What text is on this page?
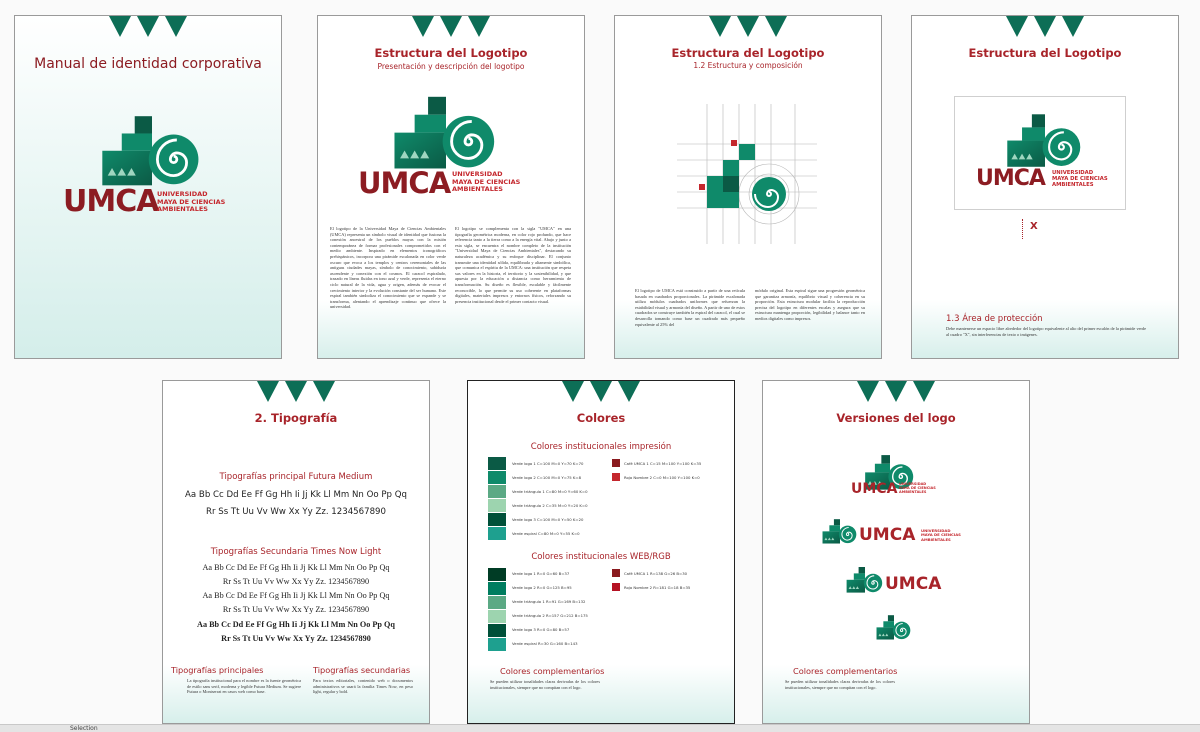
Manual de identidad corporativa
UMCA
UNIVERSIDAD
MAYA DE CIENCIAS
AMBIENTALES
Estructura del Logotipo
Presentación y descripción del logotipo
UMCA UNIVERSIDAD
MAYA DE CIENCIAS
AMBIENTALES
El logotipo de la Universidad Maya de Ciencias Ambientales (UMCA) representa un símbolo visual de identidad que fusiona la conexión ancestral de los pueblos mayas con la misión contemporánea de formar profesionales comprometidos con el medio ambiente. Inspirado en elementos iconográficos prehispánicos, incorpora una pirámide escalonada en color verde oscuro que evoca a los templos y centros ceremoniales de las antiguas ciudades mayas, símbolo de conocimiento, sabiduría ascendente y conexión con el cosmos. El caracol espiralado, trazado en líneas fluidas en tono azul y verde, representa el eterno ciclo natural de la vida, agua y origen, además de evocar el crecimiento interior y la evolución constante del ser humano. Este espiral también simboliza el conocimiento que se expande y se transforma, alentando el aprendizaje continuo que ofrece la universidad.
El logotipo se complementa con la sigla "UMCA" en una tipografía geométrica moderna, en color rojo profundo, que hace referencia tanto a la tierra como a la energía vital. Abajo y junto a esta sigla, se encuentra el nombre completo de la institución "Universidad Maya de Ciencias Ambientales", destacando su naturaleza académica y su enfoque disciplinar. El conjunto transmite una identidad sólida, equilibrada y altamente simbólica, que comunica el espíritu de la UMCA: una institución que respeta sus valores en la historia, el territorio y la sostenibilidad, y que apuesta por la educación a distancia como herramienta de transformación. Su diseño es flexible, escalable y fácilmente reconocible, lo que permite su uso coherente en plataformas digitales, materiales impresos y entornos físicos, reforzando su presencia institucional desde el primer contacto visual.
Estructura del Logotipo
1.2 Estructura y composición
El logotipo de UMCA está construido a partir de una retícula basada en cuadrados proporcionales. La pirámide escalonada utiliza módulos cuadrados uniformes que refuerzan la estabilidad visual y armonía del diseño. A partir de uno de estos cuadrados se construye también la espiral del caracol, el cual se desarrolla tomando como base un cuadrado más pequeño equivalente al 25% del
módulo original. Esta espiral sigue una progresión geométrica que garantiza armonía, equilibrio visual y coherencia en su proporción. Esta estructura modular facilita la reproducción precisa del logotipo en diferentes escalas y asegura que su estructura mantenga proporción, legibilidad y balance tanto en medios digitales como impresos.
Estructura del Logotipo
UMCA UNIVERSIDAD
MAYA DE CIENCIAS
AMBIENTALES
1.3 Área de protección
Debe mantenerse un espacio libre alrededor del logotipo equivalente al alto del primer escalón de la pirámide verde al cuadro "X", sin interferencias de texto o imágenes.
X
2. Tipografía
Tipografías principal Futura Medium
Aa Bb Cc Dd Ee Ff Gg Hh Ii Jj Kk Ll Mm Nn Oo Pp Qq
Rr Ss Tt Uu Vv Ww Xx Yy Zz. 1234567890
Tipografías Secundaria Times Now Light
Aa Bb Cc Dd Ee Ff Gg Hh Ii Jj Kk Ll Mm Nn Oo Pp Qq
Rr Ss Tt Uu Vv Ww Xx Yy Zz. 1234567890
Aa Bb Cc Dd Ee Ff Gg Hh Ii Jj Kk Ll Mm Nn Oo Pp Qq
Rr Ss Tt Uu Vv Ww Xx Yy Zz. 1234567890
Aa Bb Cc Dd Ee Ff Gg Hh Ii Jj Kk Ll Mm Nn Oo Pp Qq
Rr Ss Tt Uu Vv Ww Xx Yy Zz. 1234567890
Tipografías principales	Tipografías secundarias
La tipografía institucional para el nombre es la fuente geométrica de estilo sans serif, moderna y legible Futura Medium. Se sugiere Futura o Montserrat en casos web como base.
Para textos editoriales, contenido web o documentos administrativos se usará la familia Times Now, en peso light, regular y bold.
Colores
Colores institucionales impresión
Verde logo 1 C=100 M=0 Y=70 K=70
Verde logo 2 C=100 M=0 Y=75 K=8
Verde triángulo 1 C=80 M=0 Y=60 K=0
Verde triángulo 2 C=35 M=0 Y=20 K=0
Verde logo 3 C=100 M=0 Y=50 K=20
Verde espiral C=80 M=0 Y=55 K=0
Café UMCA 1 C=15 M=100 Y=100 K=35
Rojo Nombre 2 C=0 M=100 Y=100 K=0
Colores institucionales WEB/RGB
Verde logo 1 R=0 G=60 B=37
Verde logo 2 R=0 G=125 B=95
Verde triángulo 1 R=91 G=169 B=132
Verde triángulo 2 R=157 G=212 B=175
Verde logo 3 R=0 G=80 B=57
Verde espiral R=30 G=160 B=143
Café UMCA 1 R=138 G=26 B=30
Rojo Nombre 2 R=181 G=18 B=35
Colores complementarios
Se pueden utilizar tonalidades claras derivadas de los colores institucionales, siempre que no compitan con el logo.
Versiones del logo
UMCA UNIVERSIDAD
MAYA DE CIENCIAS
AMBIENTALES
UMCA UNIVERSIDAD
MAYA DE CIENCIAS
AMBIENTALES
UMCA
Colores complementarios
Se pueden utilizar tonalidades claras derivadas de los colores institucionales, siempre que no compitan con el logo.
Selection
